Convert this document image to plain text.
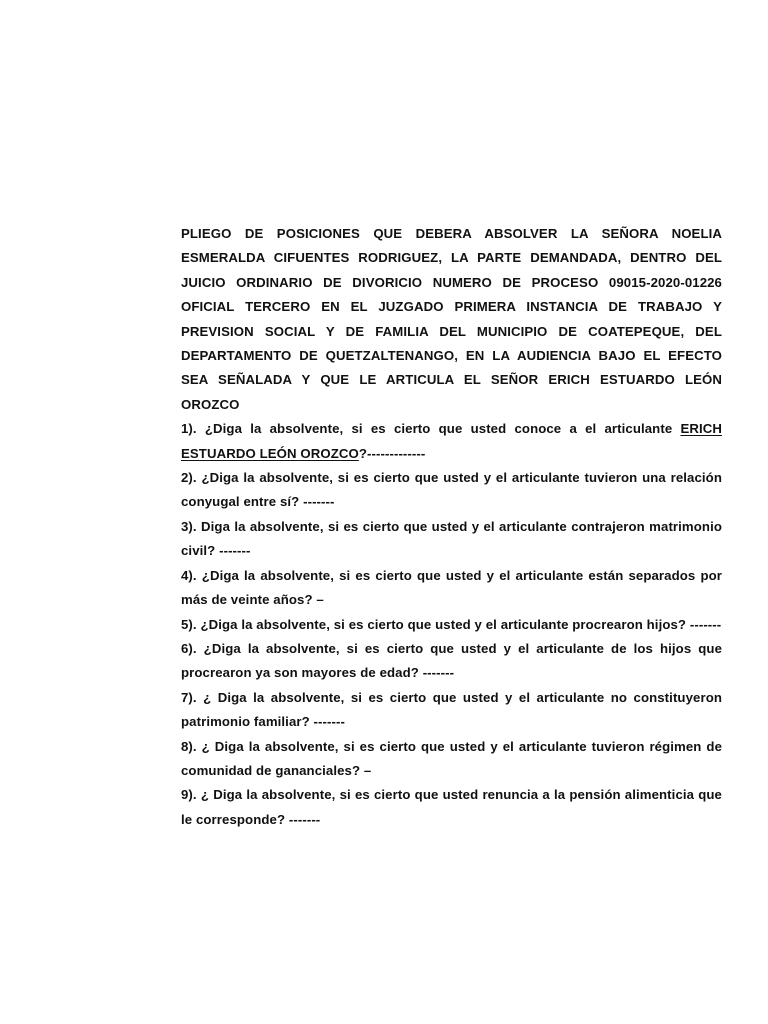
PLIEGO DE POSICIONES QUE DEBERA ABSOLVER LA SEÑORA NOELIA ESMERALDA CIFUENTES RODRIGUEZ, LA PARTE DEMANDADA, DENTRO DEL JUICIO ORDINARIO DE DIVORICIO NUMERO DE PROCESO 09015-2020-01226 OFICIAL TERCERO EN EL JUZGADO PRIMERA INSTANCIA DE TRABAJO Y PREVISION SOCIAL Y DE FAMILIA DEL MUNICIPIO DE COATEPEQUE, DEL DEPARTAMENTO DE QUETZALTENANGO, EN LA AUDIENCIA BAJO EL EFECTO SEA SEÑALADA Y QUE LE ARTICULA EL SEÑOR ERICH ESTUARDO LEÓN OROZCO

1). ¿Diga la absolvente, si es cierto que usted conoce a el articulante ERICH ESTUARDO LEÓN OROZCO?-------------

2). ¿Diga la absolvente, si es cierto que usted y el articulante tuvieron una relación conyugal entre sí? -------

3). Diga la absolvente, si es cierto que usted y el articulante contrajeron matrimonio civil? -------

4). ¿Diga la absolvente, si es cierto que usted y el articulante están separados por más de veinte años? –

5). ¿Diga la absolvente, si es cierto que usted y el articulante procrearon hijos? -------

6). ¿Diga la absolvente, si es cierto que usted y el articulante de los hijos que procrearon ya son mayores de edad? -------

7). ¿ Diga la absolvente, si es cierto que usted y el articulante no constituyeron patrimonio familiar? -------

8). ¿ Diga la absolvente, si es cierto que usted y el articulante tuvieron régimen de comunidad de gananciales? –

9). ¿ Diga la absolvente, si es cierto que usted renuncia a la pensión alimenticia que le corresponde? -------
